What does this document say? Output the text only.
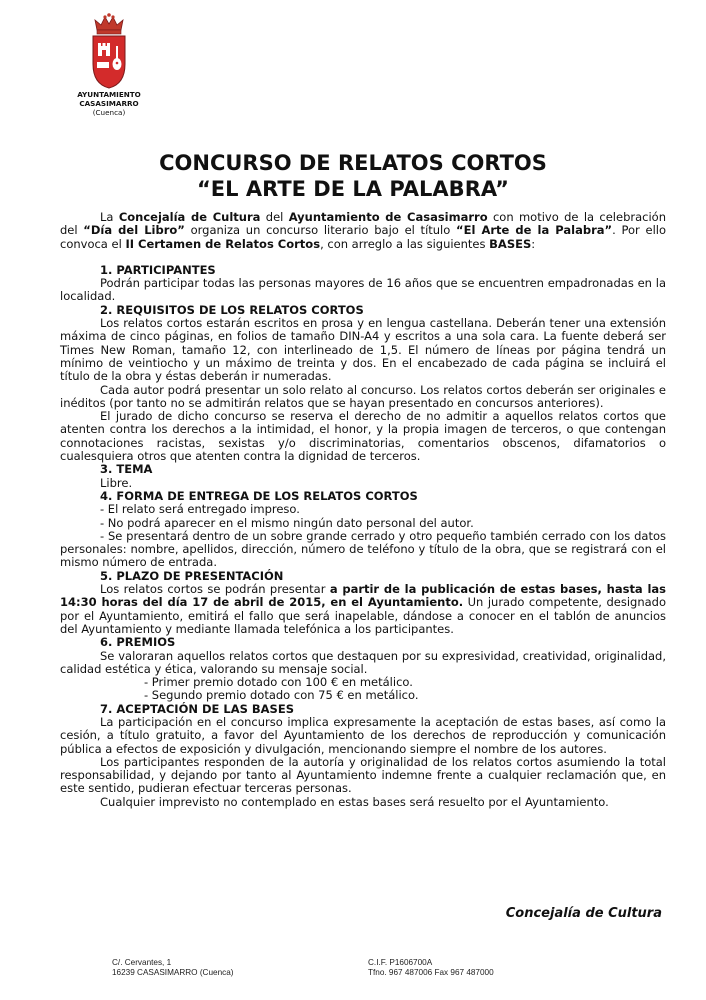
AYUNTAMIENTO
CASASIMARRO
(Cuenca)
CONCURSO DE RELATOS CORTOS
“EL ARTE DE LA PALABRA”

La Concejalía de Cultura del Ayuntamiento de Casasimarro con motivo de la celebración del “Día del Libro” organiza un concurso literario bajo el título “El Arte de la Palabra”. Por ello convoca el II Certamen de Relatos Cortos, con arreglo a las siguientes BASES:

1. PARTICIPANTES

Podrán participar todas las personas mayores de 16 años que se encuentren empadronadas en la localidad.

2. REQUISITOS DE LOS RELATOS CORTOS

Los relatos cortos estarán escritos en prosa y en lengua castellana. Deberán tener una extensión máxima de cinco páginas, en folios de tamaño DIN-A4 y escritos a una sola cara. La fuente deberá ser Times New Roman, tamaño 12, con interlineado de 1,5. El número de líneas por página tendrá un mínimo de veintiocho y un máximo de treinta y dos. En el encabezado de cada página se incluirá el título de la obra y éstas deberán ir numeradas.

Cada autor podrá presentar un solo relato al concurso. Los relatos cortos deberán ser originales e inéditos (por tanto no se admitirán relatos que se hayan presentado en concursos anteriores).

El jurado de dicho concurso se reserva el derecho de no admitir a aquellos relatos cortos que atenten contra los derechos a la intimidad, el honor, y la propia imagen de terceros, o que contengan connotaciones racistas, sexistas y/o discriminatorias, comentarios obscenos, difamatorios o cualesquiera otros que atenten contra la dignidad de terceros.

3. TEMA

Libre.

4. FORMA DE ENTREGA DE LOS RELATOS CORTOS

- El relato será entregado impreso.

- No podrá aparecer en el mismo ningún dato personal del autor.

- Se presentará dentro de un sobre grande cerrado y otro pequeño también cerrado con los datos personales: nombre, apellidos, dirección, número de teléfono y título de la obra, que se registrará con el mismo número de entrada.

5. PLAZO DE PRESENTACIÓN

Los relatos cortos se podrán presentar a partir de la publicación de estas bases, hasta las 14:30 horas del día 17 de abril de 2015, en el Ayuntamiento. Un jurado competente, designado por el Ayuntamiento, emitirá el fallo que será inapelable, dándose a conocer en el tablón de anuncios del Ayuntamiento y mediante llamada telefónica a los participantes.

6. PREMIOS

Se valoraran aquellos relatos cortos que destaquen por su expresividad, creatividad, originalidad, calidad estética y ética, valorando su mensaje social.

- Primer premio dotado con 100 € en metálico.

- Segundo premio dotado con 75 € en metálico.

7. ACEPTACIÓN DE LAS BASES

La participación en el concurso implica expresamente la aceptación de estas bases, así como la cesión, a título gratuito, a favor del Ayuntamiento de los derechos de reproducción y comunicación pública a efectos de exposición y divulgación, mencionando siempre el nombre de los autores.

Los participantes responden de la autoría y originalidad de los relatos cortos asumiendo la total responsabilidad, y dejando por tanto al Ayuntamiento indemne frente a cualquier reclamación que, en este sentido, pudieran efectuar terceras personas.

Cualquier imprevisto no contemplado en estas bases será resuelto por el Ayuntamiento.

Concejalía de Cultura
C/. Cervantes, 1
16239 CASASIMARRO (Cuenca)
C.I.F. P1606700A
Tfno. 967 487006 Fax 967 487000
